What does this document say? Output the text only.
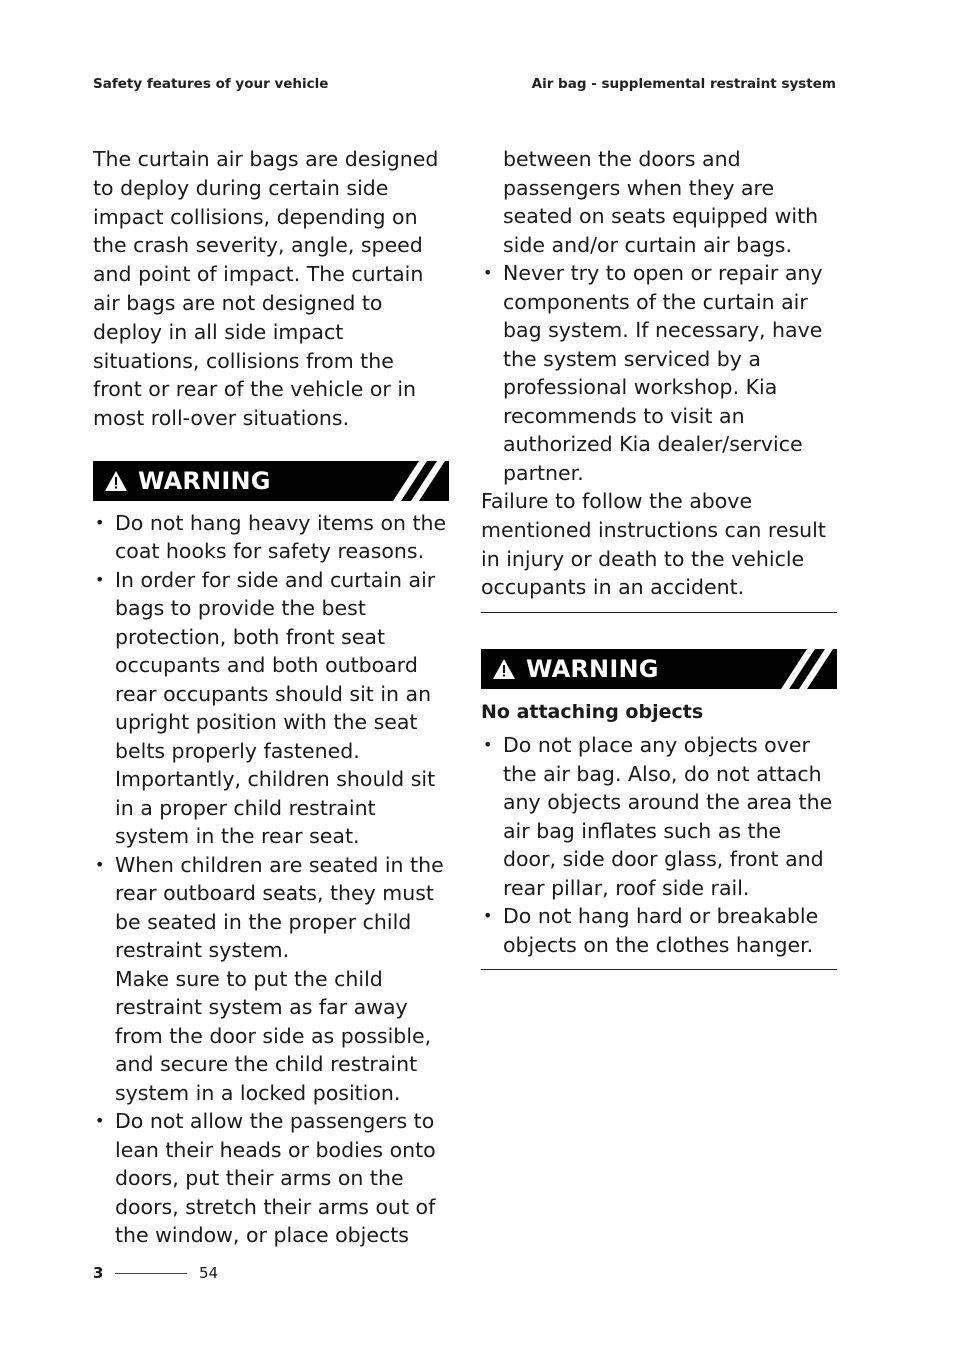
Safety features of your vehicle	Air bag - supplemental restraint system

The curtain air bags are designed to deploy during certain side impact collisions, depending on the crash severity, angle, speed and point of impact. The curtain air bags are not designed to deploy in all side impact situations, collisions from the front or rear of the vehicle or in most roll-over situations.

WARNING
• Do not hang heavy items on the coat hooks for safety reasons.
• In order for side and curtain air bags to provide the best protection, both front seat occupants and both outboard rear occupants should sit in an upright position with the seat belts properly fastened.
Importantly, children should sit in a proper child restraint system in the rear seat.
• When children are seated in the rear outboard seats, they must be seated in the proper child restraint system.
Make sure to put the child restraint system as far away from the door side as possible, and secure the child restraint system in a locked position.
• Do not allow the passengers to lean their heads or bodies onto doors, put their arms on the doors, stretch their arms out of the window, or place objects
between the doors and passengers when they are seated on seats equipped with side and/or curtain air bags.
• Never try to open or repair any components of the curtain air bag system. If necessary, have the system serviced by a professional workshop. Kia recommends to visit an authorized Kia dealer/service partner.

Failure to follow the above mentioned instructions can result in injury or death to the vehicle occupants in an accident.

WARNING

No attaching objects

• Do not place any objects over the air bag. Also, do not attach any objects around the area the air bag inflates such as the door, side door glass, front and rear pillar, roof side rail.
• Do not hang hard or breakable objects on the clothes hanger.
3	54
